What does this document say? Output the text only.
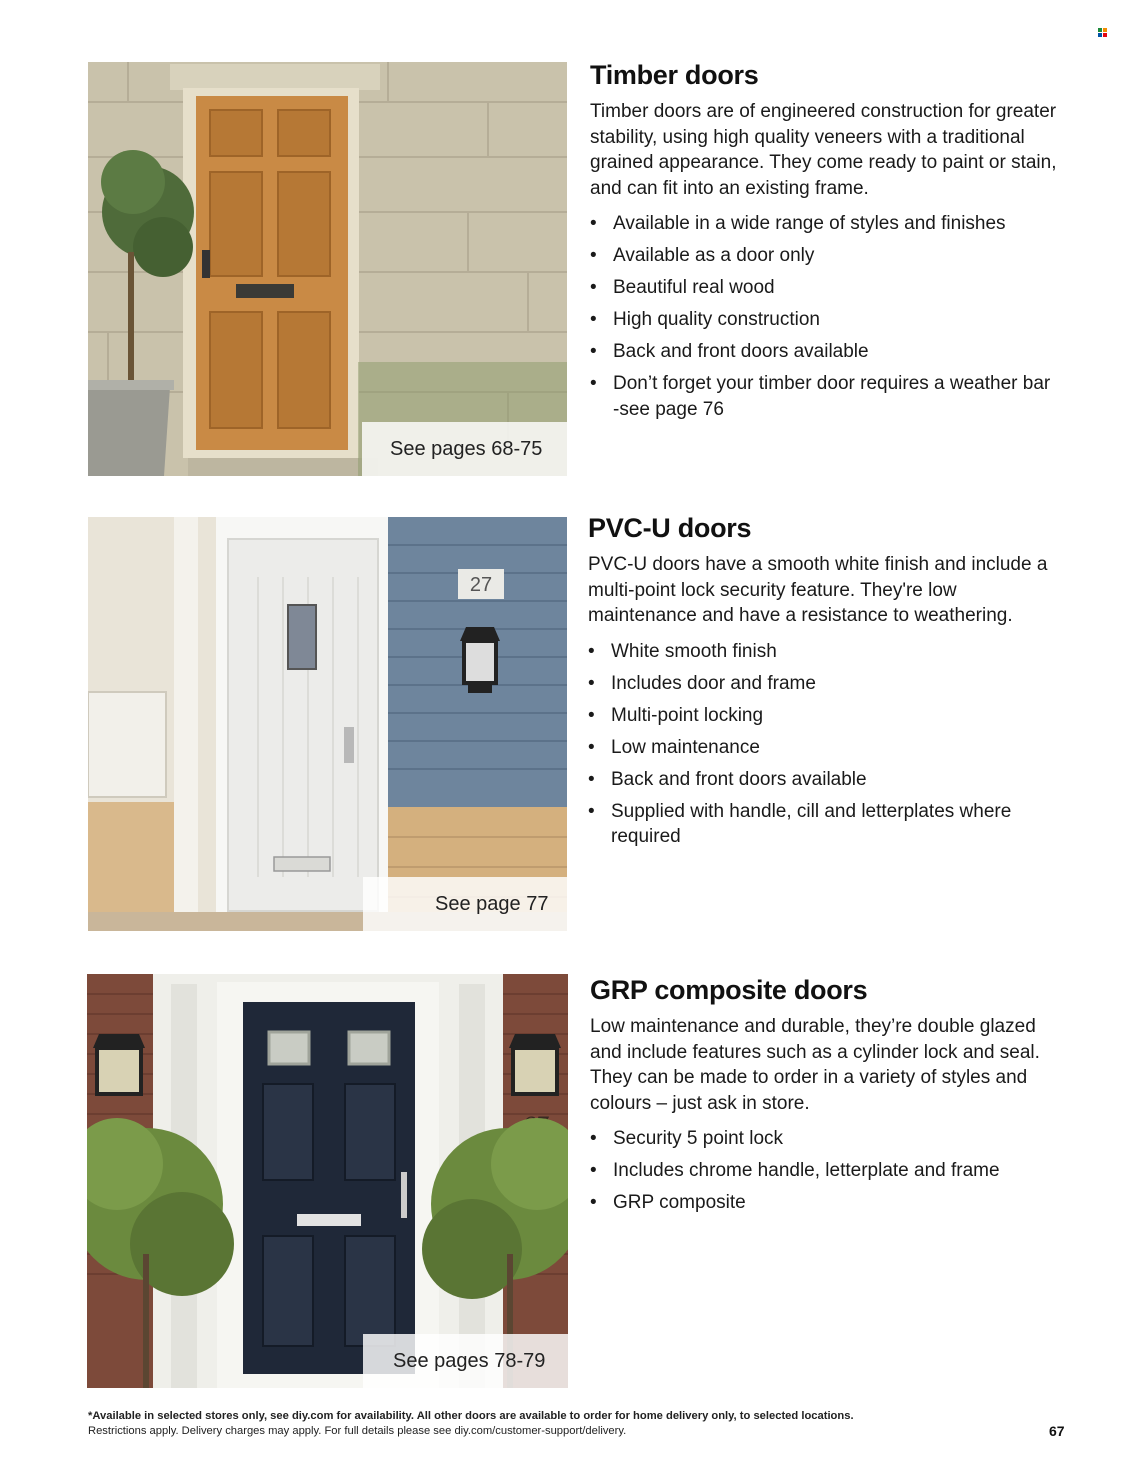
See pages 68-75
Timber doors

Timber doors are of engineered construction for greater stability, using high quality veneers with a traditional grained appearance. They come ready to paint or stain, and can fit into an existing frame.

• Available in a wide range of styles and finishes
• Available as a door only
• Beautiful real wood
• High quality construction
• Back and front doors available
• Don’t forget your timber door requires a weather bar -see page 76
27
See page 77
PVC-U doors

PVC-U doors have a smooth white finish and include a multi-point lock security feature. They're low maintenance and have a resistance to weathering.

• White smooth finish
• Includes door and frame
• Multi-point locking
• Low maintenance
• Back and front doors available
• Supplied with handle, cill and letterplates where required
See pages 78-79
GRP composite doors

Low maintenance and durable, they’re double glazed and include features such as a cylinder lock and seal. They can be made to order in a variety of styles and colours – just ask in store.

• Security 5 point lock
• Includes chrome handle, letterplate and frame
• GRP composite
*Available in selected stores only, see diy.com for availability. All other doors are available to order for home delivery only, to selected locations.
Restrictions apply. Delivery charges may apply. For full details please see diy.com/customer-support/delivery.	67
